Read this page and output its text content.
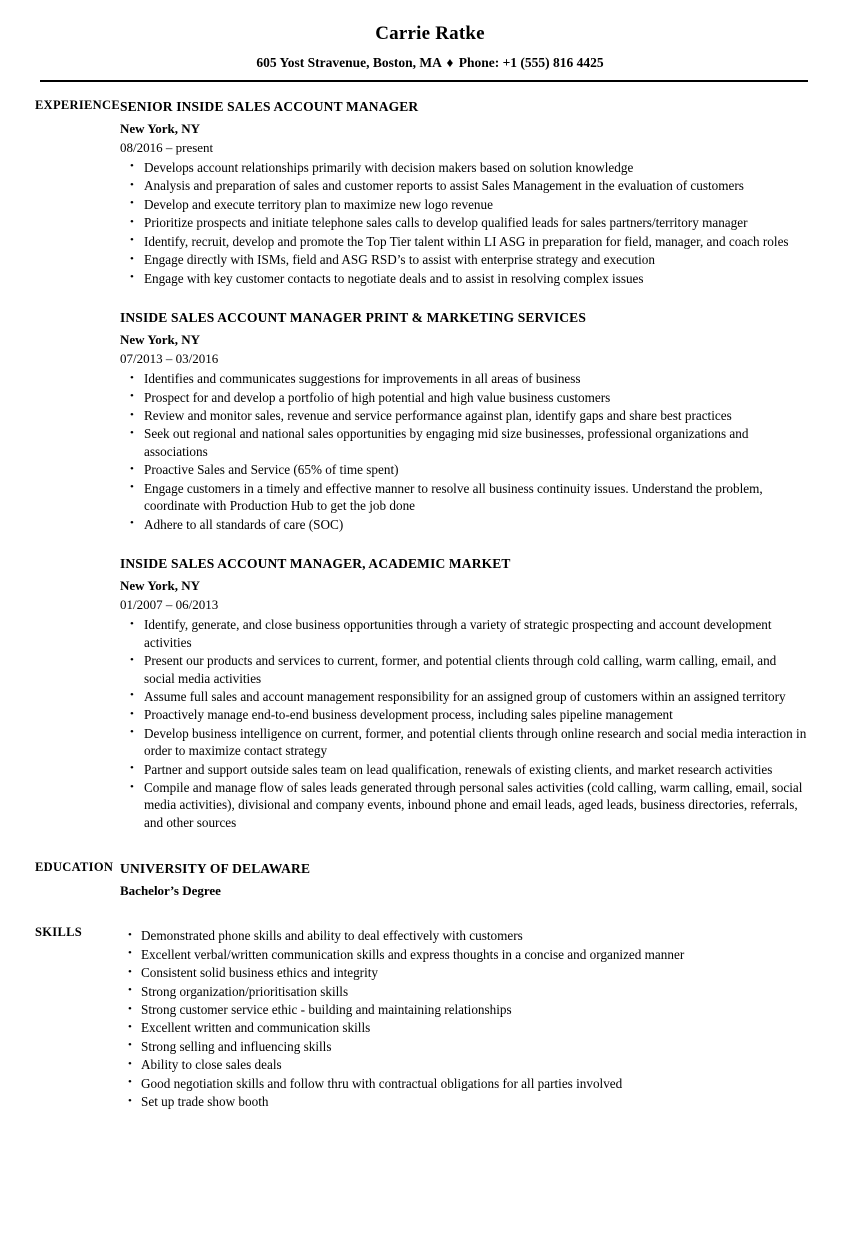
Carrie Ratke
605 Yost Stravenue, Boston, MA ♦ Phone: +1 (555) 816 4425
EXPERIENCE SENIOR INSIDE SALES ACCOUNT MANAGER
New York, NY
08/2016 – present
• Develops account relationships primarily with decision makers based on solution knowledge
• Analysis and preparation of sales and customer reports to assist Sales Management in the evaluation of customers
• Develop and execute territory plan to maximize new logo revenue
• Prioritize prospects and initiate telephone sales calls to develop qualified leads for sales partners/territory manager
• Identify, recruit, develop and promote the Top Tier talent within LI ASG in preparation for field, manager, and coach roles
• Engage directly with ISMs, field and ASG RSD’s to assist with enterprise strategy and execution
• Engage with key customer contacts to negotiate deals and to assist in resolving complex issues
INSIDE SALES ACCOUNT MANAGER PRINT & MARKETING SERVICES
New York, NY
07/2013 – 03/2016
• Identifies and communicates suggestions for improvements in all areas of business
• Prospect for and develop a portfolio of high potential and high value business customers
• Review and monitor sales, revenue and service performance against plan, identify gaps and share best practices
• Seek out regional and national sales opportunities by engaging mid size businesses, professional organizations and associations
• Proactive Sales and Service (65% of time spent)
• Engage customers in a timely and effective manner to resolve all business continuity issues. Understand the problem, coordinate with Production Hub to get the job done
• Adhere to all standards of care (SOC)
INSIDE SALES ACCOUNT MANAGER, ACADEMIC MARKET
New York, NY
01/2007 – 06/2013
• Identify, generate, and close business opportunities through a variety of strategic prospecting and account development activities
• Present our products and services to current, former, and potential clients through cold calling, warm calling, email, and social media activities
• Assume full sales and account management responsibility for an assigned group of customers within an assigned territory
• Proactively manage end-to-end business development process, including sales pipeline management
• Develop business intelligence on current, former, and potential clients through online research and social media interaction in order to maximize contact strategy
• Partner and support outside sales team on lead qualification, renewals of existing clients, and market research activities
• Compile and manage flow of sales leads generated through personal sales activities (cold calling, warm calling, email, social media activities), divisional and company events, inbound phone and email leads, aged leads, business directories, referrals, and other sources
EDUCATION UNIVERSITY OF DELAWARE
Bachelor’s Degree
SKILLS	• Demonstrated phone skills and ability to deal effectively with customers
• Excellent verbal/written communication skills and express thoughts in a concise and organized manner
• Consistent solid business ethics and integrity
• Strong organization/prioritisation skills
• Strong customer service ethic - building and maintaining relationships
• Excellent written and communication skills
• Strong selling and influencing skills
• Ability to close sales deals
• Good negotiation skills and follow thru with contractual obligations for all parties involved
• Set up trade show booth
